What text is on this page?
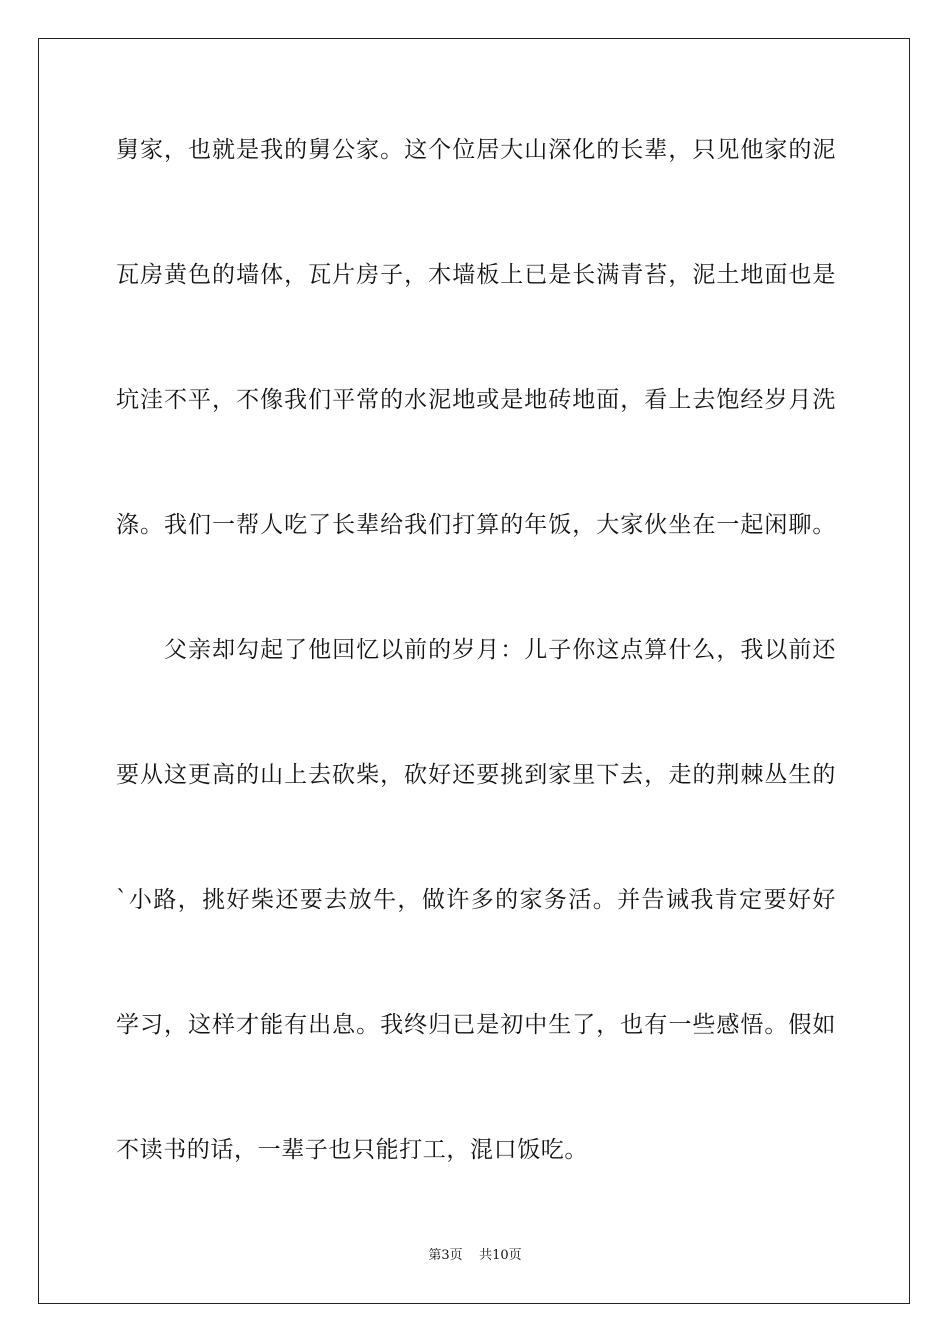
舅家，也就是我的舅公家。这个位居大山深化的长辈，只见他家的泥
瓦房黄色的墙体，瓦片房子，木墙板上已是长满青苔，泥土地面也是
坑洼不平，不像我们平常的水泥地或是地砖地面，看上去饱经岁月洗
涤。我们一帮人吃了长辈给我们打算的年饭，大家伙坐在一起闲聊。
　　父亲却勾起了他回忆以前的岁月：儿子你这点算什么，我以前还
要从这更高的山上去砍柴，砍好还要挑到家里下去，走的荆棘丛生的
`小路，挑好柴还要去放牛，做许多的家务活。并告诫我肯定要好好
学习，这样才能有出息。我终归已是初中生了，也有一些感悟。假如
不读书的话，一辈子也只能打工，混口饭吃。
第3页    共10页
